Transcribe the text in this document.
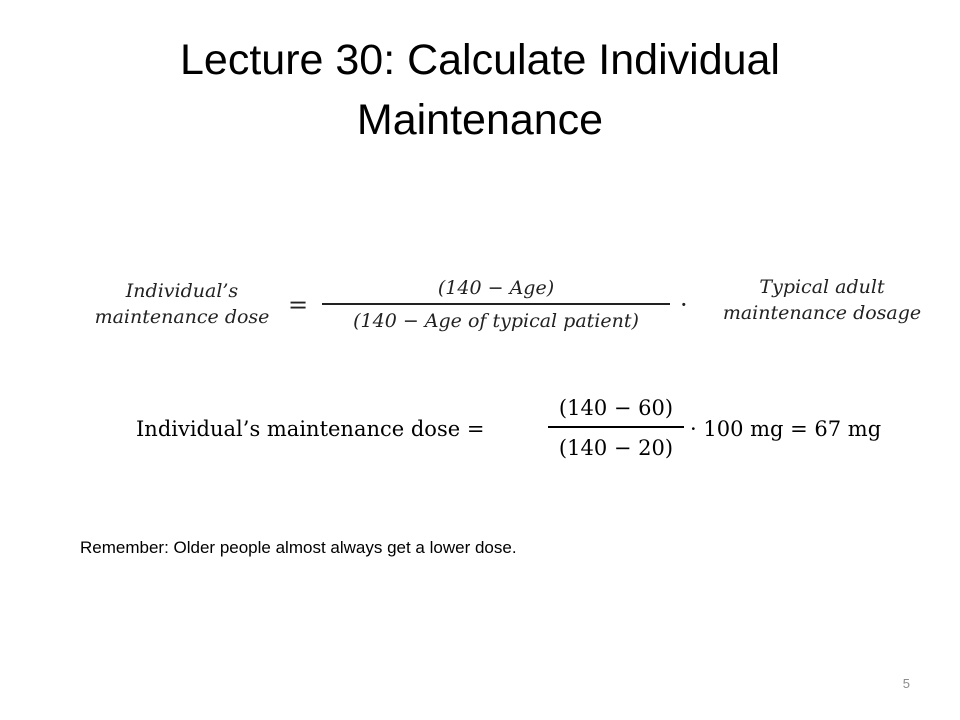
Lecture 30: Calculate Individual
Maintenance
Individual’s
maintenance dose =
(140 − Age)
(140 − Age of typical patient)
·
Typical adult
maintenance dosage
Individual’s maintenance dose =
(140 − 60)
(140 − 20)
· 100 mg = 67 mg
Remember: Older people almost always get a lower dose.
5
